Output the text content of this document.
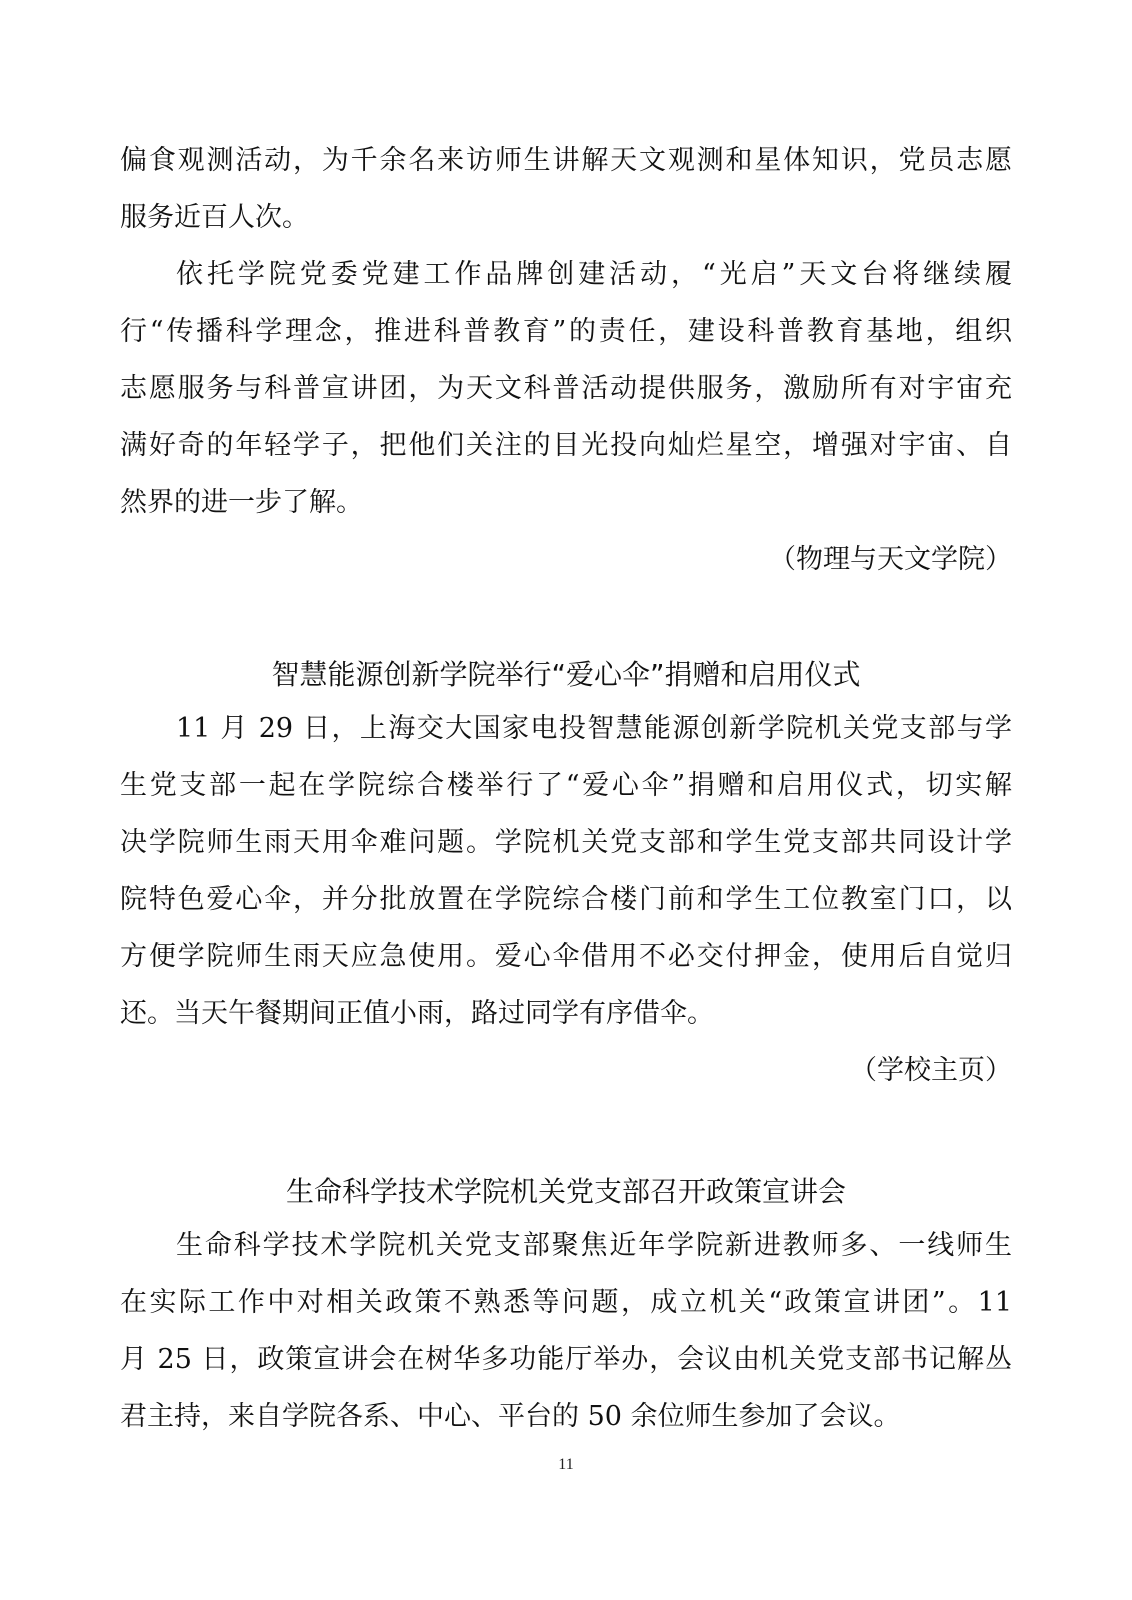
偏食观测活动，为千余名来访师生讲解天文观测和星体知识，党员志愿
服务近百人次。
依托学院党委党建工作品牌创建活动，“光启”天文台将继续履
行“传播科学理念，推进科普教育”的责任，建设科普教育基地，组织
志愿服务与科普宣讲团，为天文科普活动提供服务，激励所有对宇宙充
满好奇的年轻学子，把他们关注的目光投向灿烂星空，增强对宇宙、自
然界的进一步了解。
（物理与天文学院）
智慧能源创新学院举行“爱心伞”捐赠和启用仪式
11 月 29 日，上海交大国家电投智慧能源创新学院机关党支部与学
生党支部一起在学院综合楼举行了“爱心伞”捐赠和启用仪式，切实解
决学院师生雨天用伞难问题。学院机关党支部和学生党支部共同设计学
院特色爱心伞，并分批放置在学院综合楼门前和学生工位教室门口，以
方便学院师生雨天应急使用。爱心伞借用不必交付押金，使用后自觉归
还。当天午餐期间正值小雨，路过同学有序借伞。
（学校主页）
生命科学技术学院机关党支部召开政策宣讲会
生命科学技术学院机关党支部聚焦近年学院新进教师多、一线师生
在实际工作中对相关政策不熟悉等问题，成立机关“政策宣讲团”。11
月 25 日，政策宣讲会在树华多功能厅举办，会议由机关党支部书记解丛
君主持，来自学院各系、中心、平台的 50 余位师生参加了会议。
11
